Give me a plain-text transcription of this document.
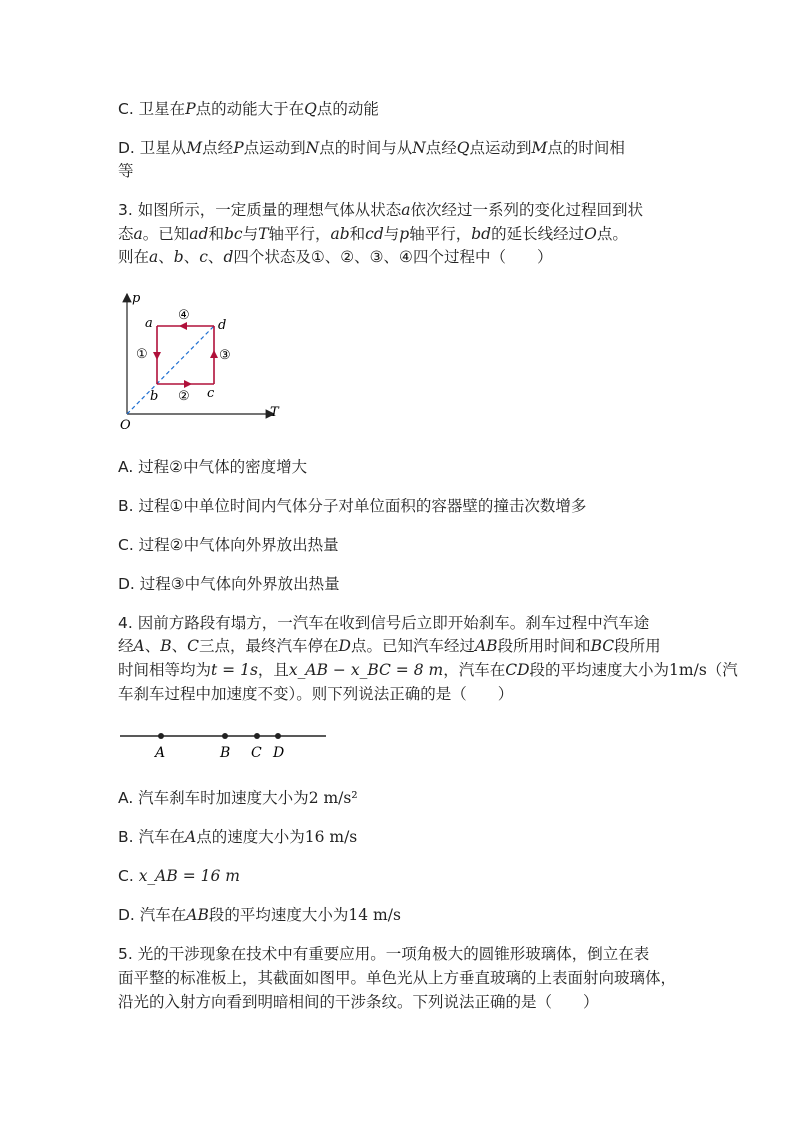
C. 卫星在P点的动能大于在Q点的动能
D. 卫星从M点经P点运动到N点的时间与从N点经Q点运动到M点的时间相
等
3. 如图所示，一定质量的理想气体从状态a依次经过一系列的变化过程回到状
态a。已知ad和bc与T轴平行，ab和cd与p轴平行，bd的延长线经过O点。
则在a、b、c、d四个状态及①、②、③、④四个过程中（　　）
p
T
O
a	d
b	c
④
①
②
③
A. 过程②中气体的密度增大
B. 过程①中单位时间内气体分子对单位面积的容器壁的撞击次数增多
C. 过程②中气体向外界放出热量
D. 过程③中气体向外界放出热量
4. 因前方路段有塌方，一汽车在收到信号后立即开始刹车。刹车过程中汽车途
经A、B、C三点，最终汽车停在D点。已知汽车经过AB段所用时间和BC段所用
时间相等均为t = 1s，且x_AB − x_BC = 8 m，汽车在CD段的平均速度大小为1m/s（汽
车刹车过程中加速度不变）。则下列说法正确的是（　　）
A	B C D
A. 汽车刹车时加速度大小为2 m/s²
B. 汽车在A点的速度大小为16 m/s
C. x_AB = 16 m
D. 汽车在AB段的平均速度大小为14 m/s
5. 光的干涉现象在技术中有重要应用。一项角极大的圆锥形玻璃体，倒立在表
面平整的标准板上，其截面如图甲。单色光从上方垂直玻璃的上表面射向玻璃体，
沿光的入射方向看到明暗相间的干涉条纹。下列说法正确的是（　　）
